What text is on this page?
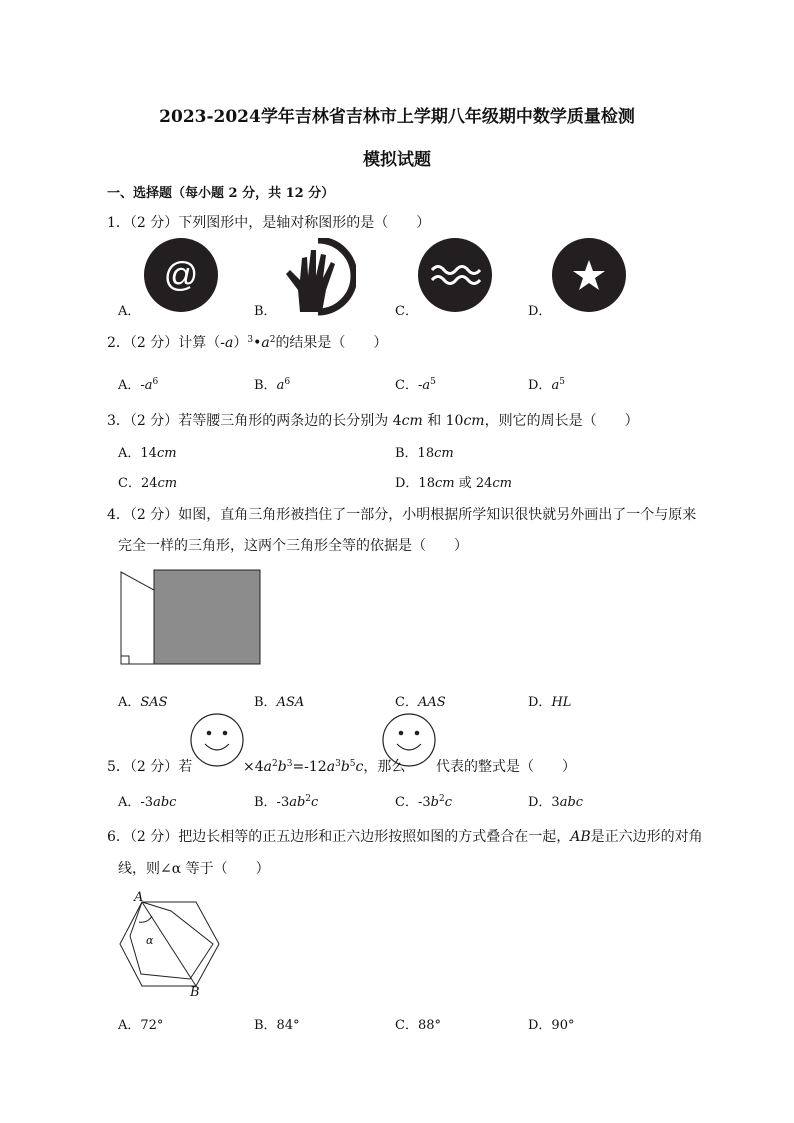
2023-2024学年吉林省吉林市上学期八年级期中数学质量检测
模拟试题
一、选择题（每小题 2 分，共 12 分）
1．（2 分）下列图形中，是轴对称图形的是（　　）
@
A．	B．	C．	D．
2．（2 分）计算$(-a)^3•a^2$的结果是（　　）
A．$-a^6$	B．$a^6$	C．$-a^5$	D．$a^5$
3．（2 分）若等腰三角形的两条边的长分别为 4cm 和 10cm，则它的周长是（　　）
A．14cm	B．18cm
C．24cm	D．18cm 或 24cm
4．（2 分）如图，直角三角形被挡住了一部分，小明根据所学知识很快就另外画出了一个与原来
完全一样的三角形，这两个三角形全等的依据是（　　）
A．SAS	B．ASA	C．AAS	D．HL
5．（2 分）若	$\times 4a^2b^3=-12a^3b^5c$，那么 代表的整式是（　　）
A．-3abc	B．$-3ab^2c$	C．$-3b^2c$	D．3abc
6．（2 分）把边长相等的正五边形和正六边形按照如图的方式叠合在一起，AB是正六边形的对角
线，则∠α 等于（　　）
A
B
α
A．72°	B．84°	C．88°	D．90°
